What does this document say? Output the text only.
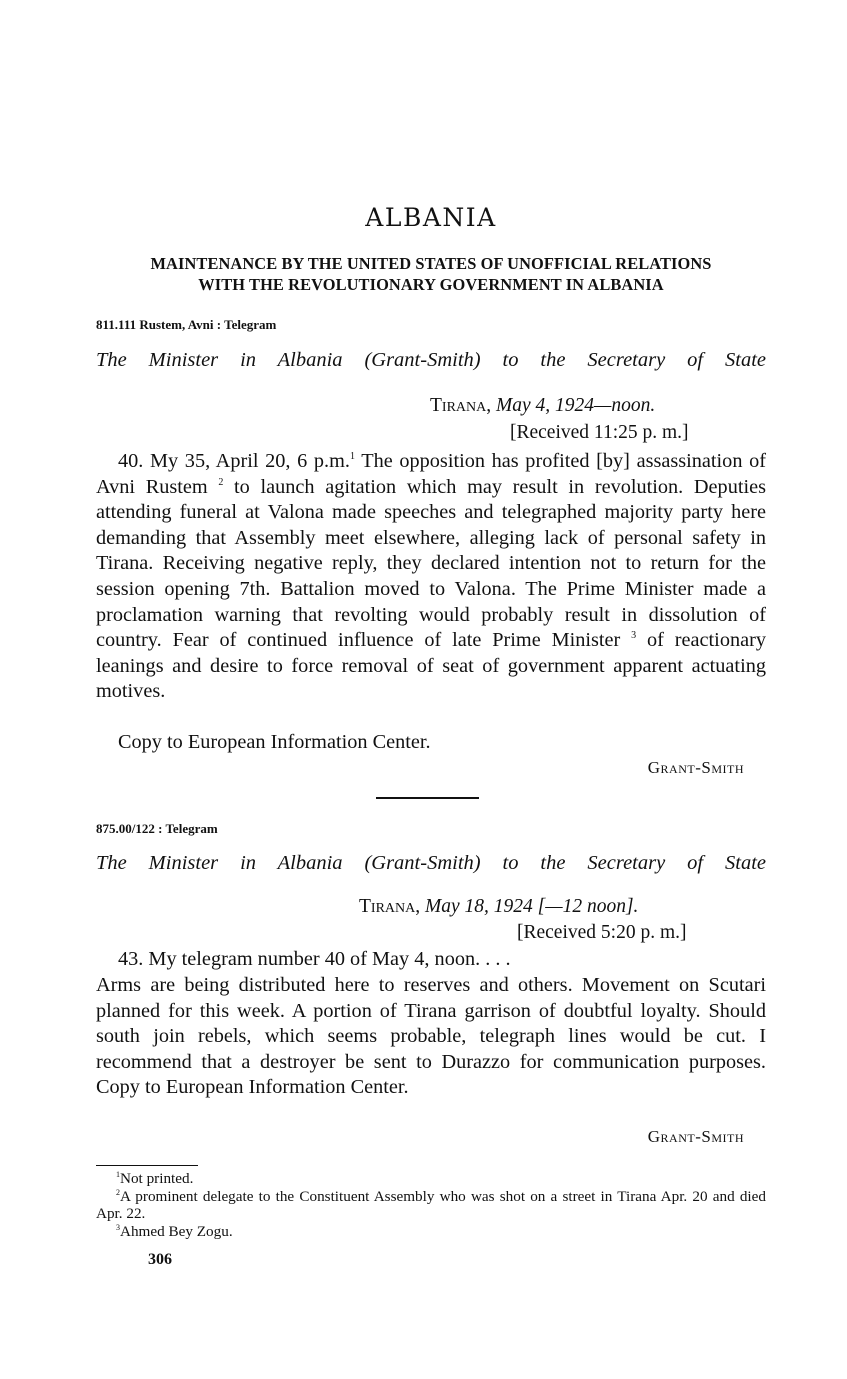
ALBANIA
MAINTENANCE BY THE UNITED STATES OF UNOFFICIAL RELATIONS
WITH THE REVOLUTIONARY GOVERNMENT IN ALBANIA
811.111 Rustem, Avni : Telegram
The Minister in Albania (Grant-Smith) to the Secretary of State
Tirana, May 4, 1924—noon.
[Received 11:25 p. m.]

40. My 35, April 20, 6 p.m.$^1$ The opposition has profited [by] assassination of Avni Rustem $^2$ to launch agitation which may result in revolution. Deputies attending funeral at Valona made speeches and telegraphed majority party here demanding that Assembly meet elsewhere, alleging lack of personal safety in Tirana. Receiving negative reply, they declared intention not to return for the session opening 7th. Battalion moved to Valona. The Prime Minister made a proclamation warning that revolting would probably result in dissolution of country. Fear of continued influence of late Prime Minister $^3$ of reactionary leanings and desire to force removal of seat of government apparent actuating motives.

Copy to European Information Center.
Grant-Smith
875.00/122 : Telegram
The Minister in Albania (Grant-Smith) to the Secretary of State
Tirana, May 18, 1924 [—12 noon].
[Received 5:20 p. m.]
43. My telegram number 40 of May 4, noon. . . .

Arms are being distributed here to reserves and others. Movement on Scutari planned for this week. A portion of Tirana garrison of doubtful loyalty. Should south join rebels, which seems probable, telegraph lines would be cut. I recommend that a destroyer be sent to Durazzo for communication purposes. Copy to European Information Center.

Grant-Smith

$^1$Not printed.

$^2$A prominent delegate to the Constituent Assembly who was shot on a street in Tirana Apr. 20 and died Apr. 22.

$^3$Ahmed Bey Zogu.

306
